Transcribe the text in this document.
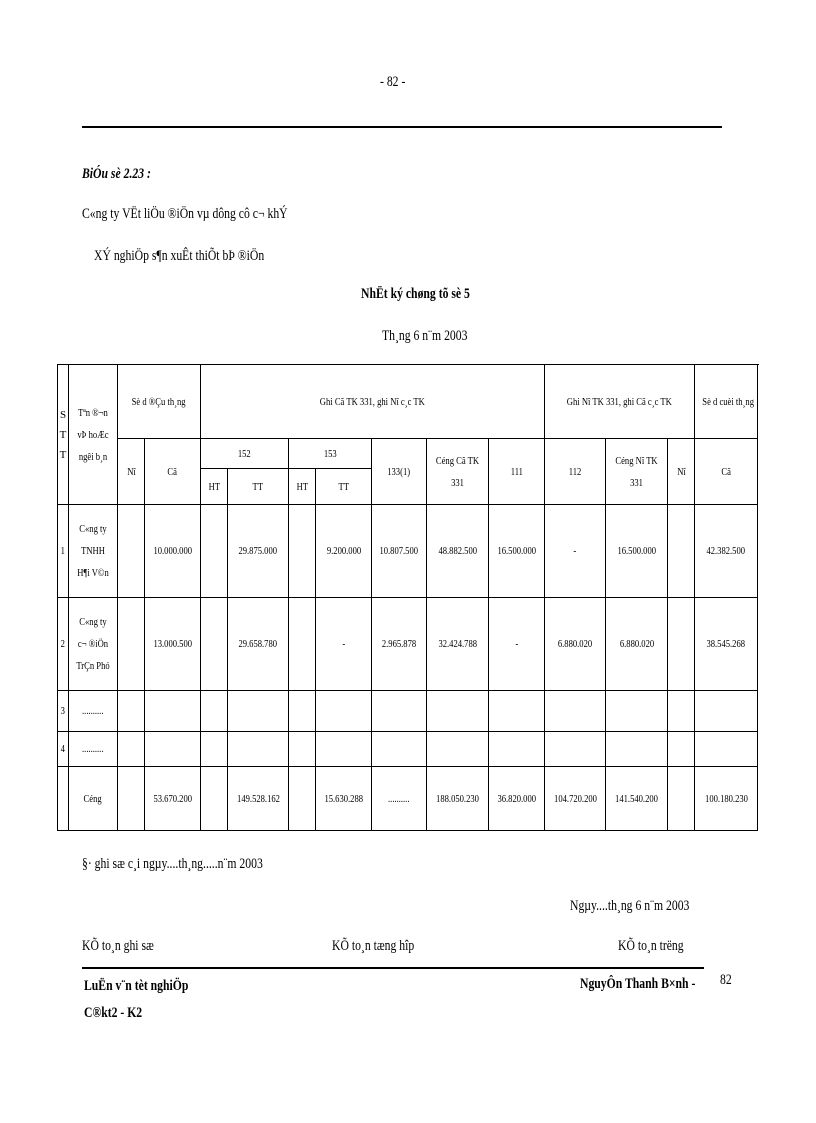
- 82 -
BiÓu sè 2.23 :
C«ng ty VËt liÖu ®iÖn vµ dông cô c¬ khÝ
XÝ nghiÖp s¶n xuÊt thiÕt bÞ ®iÖn
NhËt ký chøng tõ sè 5
Th¸ng 6 n¨m 2003
S T T	Tªn ®¬n vÞ hoÆc ngêi b¸n	Sè d ®Çu th¸ng		Ghi Cã TK 331, ghi Nî c¸c TK							Ghi Nî TK 331, ghi Cã c¸c TK			Sè d cuèi th¸ng
		Nî	Cã	152		153		133(1)	Céng Cã TK 331	111	112	Céng Nî TK 331	Nî	Cã
				HT	TT	HT	TT							
1	C«ng ty TNHH H¶i V©n		10.000.000		29.875.000		9.200.000	10.807.500	48.882.500	16.500.000	-	16.500.000		42.382.500
2	C«ng ty c¬ ®iÖn TrÇn Phó		13.000.500		29.658.780		-	2.965.878	32.424.788	-	6.880.020	6.880.020		38.545.268
3	..........													
4	..........													
	Céng		53.670.200		149.528.162		15.630.288	..........	188.050.230	36.820.000	104.720.200	141.540.200		100.180.230
§· ghi sæ c¸i ngµy....th¸ng.....n¨m 2003
Ngµy....th¸ng 6 n¨m 2003
KÕ to¸n ghi sæ	KÕ to¸n tæng hîp	KÕ to¸n trëng
LuËn v¨n tèt nghiÖp
C®kt2 - K2
NguyÔn Thanh B×nh -	82
